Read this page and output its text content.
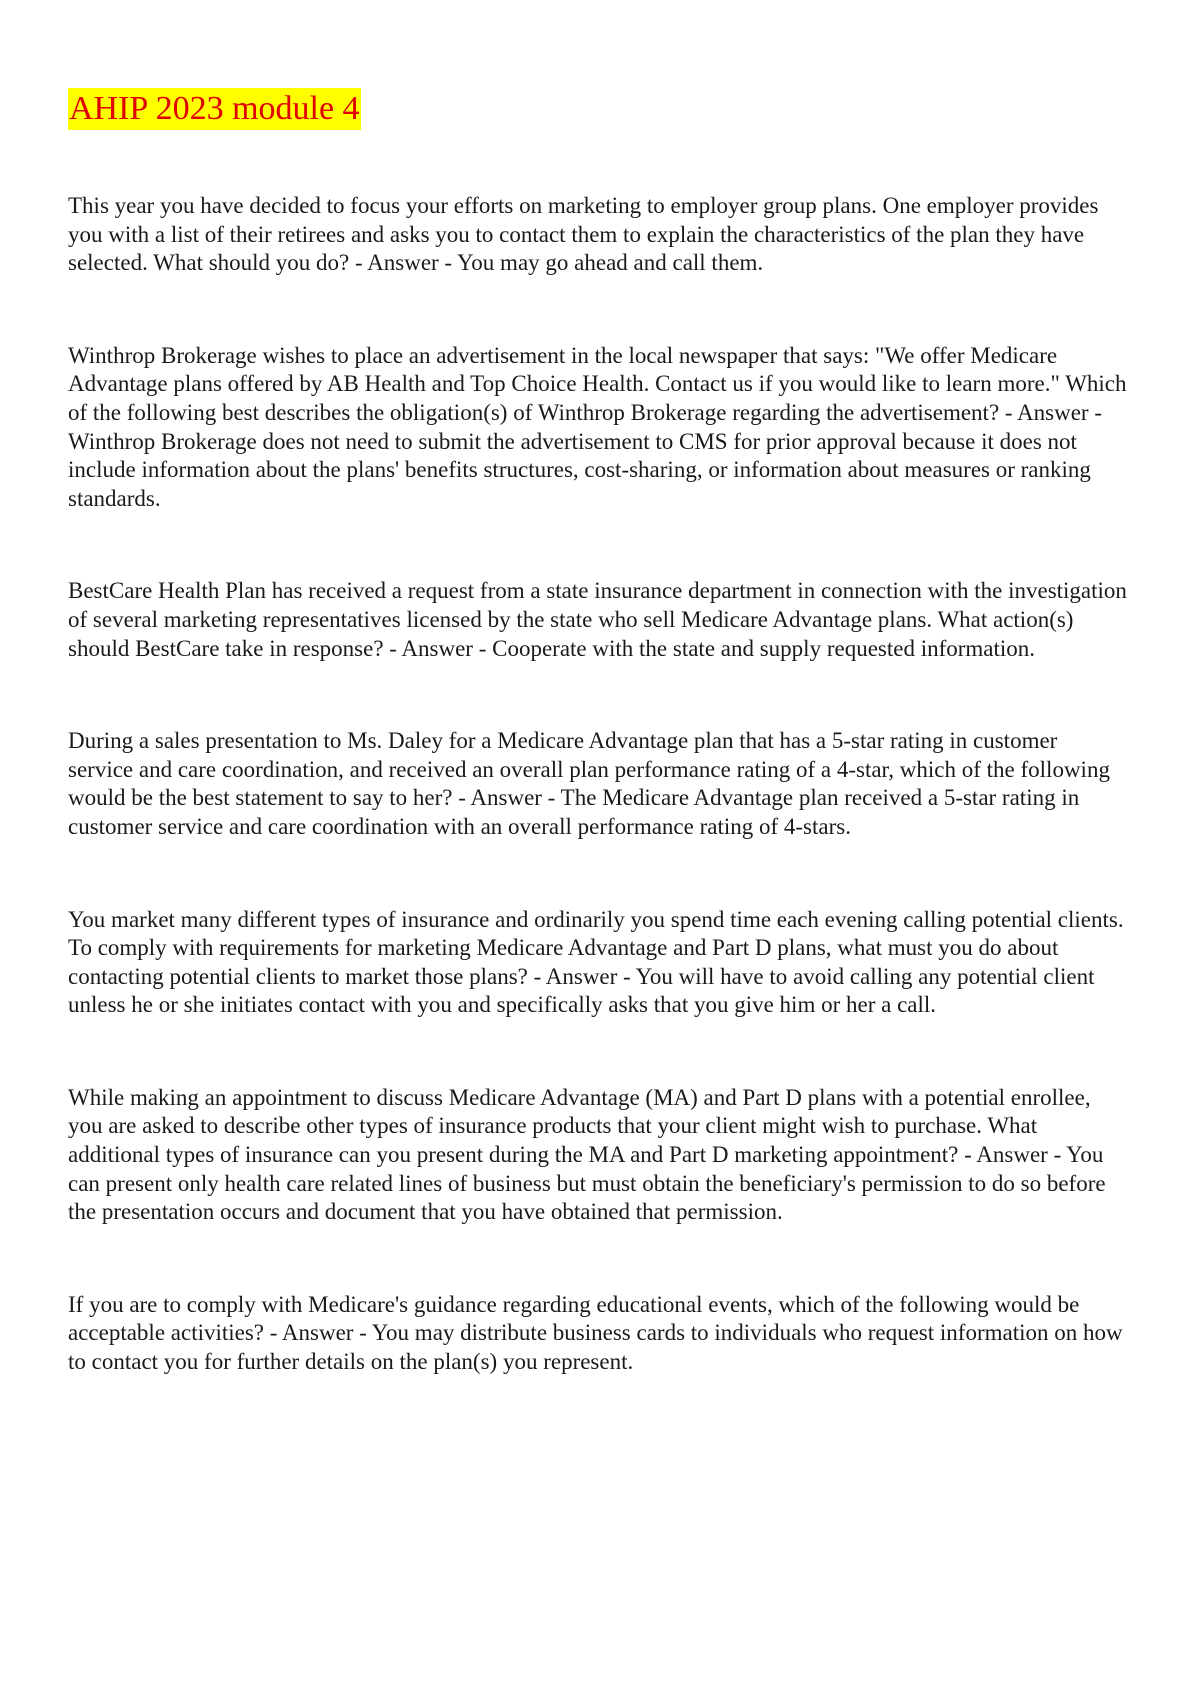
AHIP 2023 module 4

This year you have decided to focus your efforts on marketing to employer group plans. One employer provides you with a list of their retirees and asks you to contact them to explain the characteristics of the plan they have selected. What should you do? - Answer - You may go ahead and call them.

Winthrop Brokerage wishes to place an advertisement in the local newspaper that says: "We offer Medicare Advantage plans offered by AB Health and Top Choice Health. Contact us if you would like to learn more." Which of the following best describes the obligation(s) of Winthrop Brokerage regarding the advertisement? - Answer - Winthrop Brokerage does not need to submit the advertisement to CMS for prior approval because it does not include information about the plans' benefits structures, cost-sharing, or information about measures or ranking standards.

BestCare Health Plan has received a request from a state insurance department in connection with the investigation of several marketing representatives licensed by the state who sell Medicare Advantage plans. What action(s) should BestCare take in response? - Answer - Cooperate with the state and supply requested information.

During a sales presentation to Ms. Daley for a Medicare Advantage plan that has a 5-star rating in customer service and care coordination, and received an overall plan performance rating of a 4-star, which of the following would be the best statement to say to her? - Answer - The Medicare Advantage plan received a 5-star rating in customer service and care coordination with an overall performance rating of 4-stars.

You market many different types of insurance and ordinarily you spend time each evening calling potential clients. To comply with requirements for marketing Medicare Advantage and Part D plans, what must you do about contacting potential clients to market those plans? - Answer - You will have to avoid calling any potential client unless he or she initiates contact with you and specifically asks that you give him or her a call.

While making an appointment to discuss Medicare Advantage (MA) and Part D plans with a potential enrollee, you are asked to describe other types of insurance products that your client might wish to purchase. What additional types of insurance can you present during the MA and Part D marketing appointment? - Answer - You can present only health care related lines of business but must obtain the beneficiary's permission to do so before the presentation occurs and document that you have obtained that permission.

If you are to comply with Medicare's guidance regarding educational events, which of the following would be acceptable activities? - Answer - You may distribute business cards to individuals who request information on how to contact you for further details on the plan(s) you represent.
